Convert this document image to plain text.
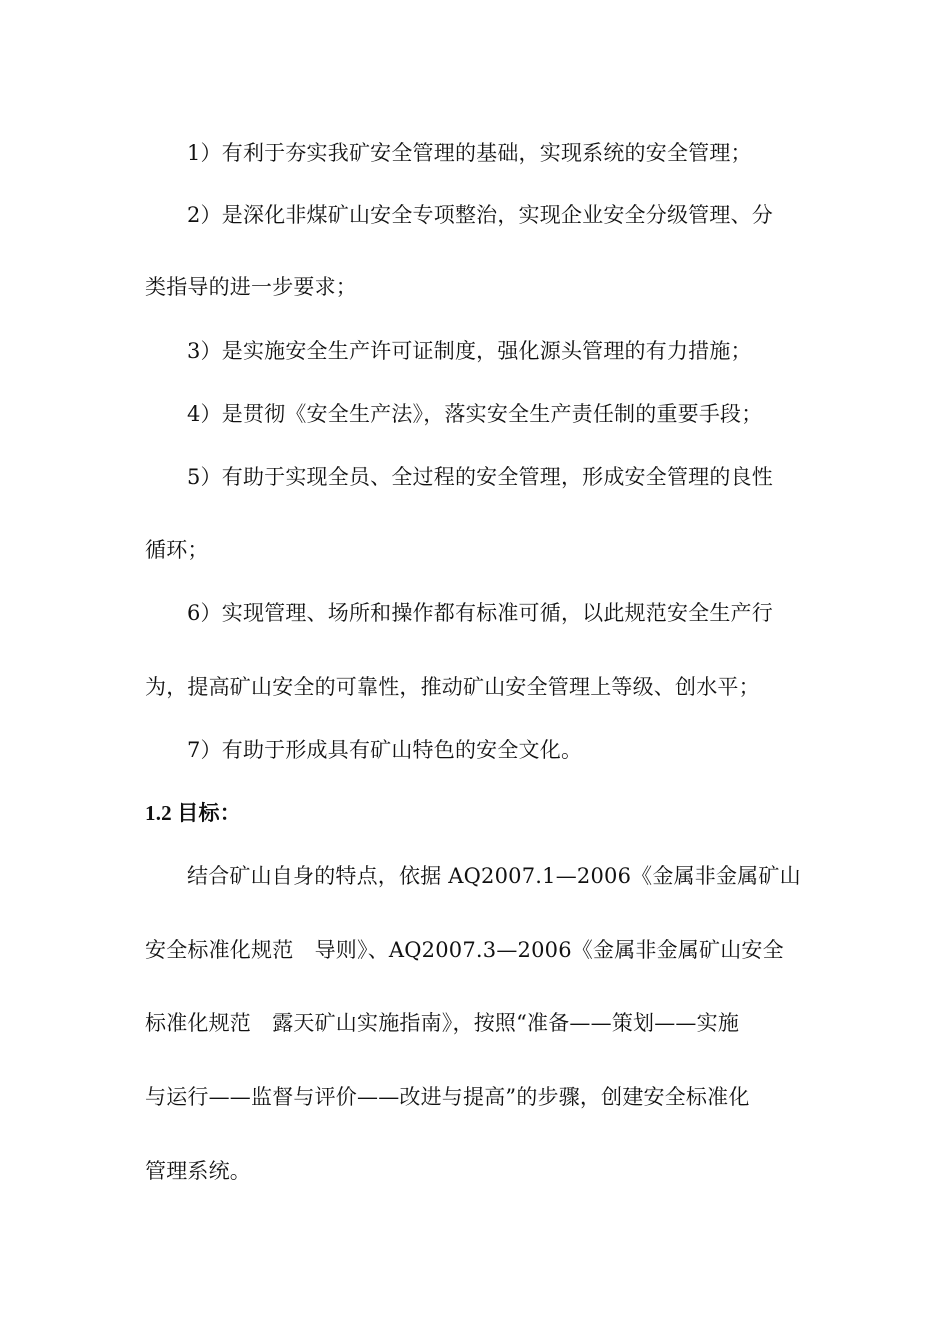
1）有利于夯实我矿安全管理的基础，实现系统的安全管理；
2）是深化非煤矿山安全专项整治，实现企业安全分级管理、分
类指导的进一步要求；
3）是实施安全生产许可证制度，强化源头管理的有力措施；
4）是贯彻《安全生产法》，落实安全生产责任制的重要手段；
5）有助于实现全员、全过程的安全管理，形成安全管理的良性
循环；
6）实现管理、场所和操作都有标准可循，以此规范安全生产行
为，提高矿山安全的可靠性，推动矿山安全管理上等级、创水平；
7）有助于形成具有矿山特色的安全文化。
1.2 目标：
结合矿山自身的特点，依据 AQ2007.1—2006《金属非金属矿山
安全标准化规范　导则》、AQ2007.3—2006《金属非金属矿山安全
标准化规范　露天矿山实施指南》，按照“准备——策划——实施
与运行——监督与评价——改进与提高”的步骤，创建安全标准化
管理系统。
